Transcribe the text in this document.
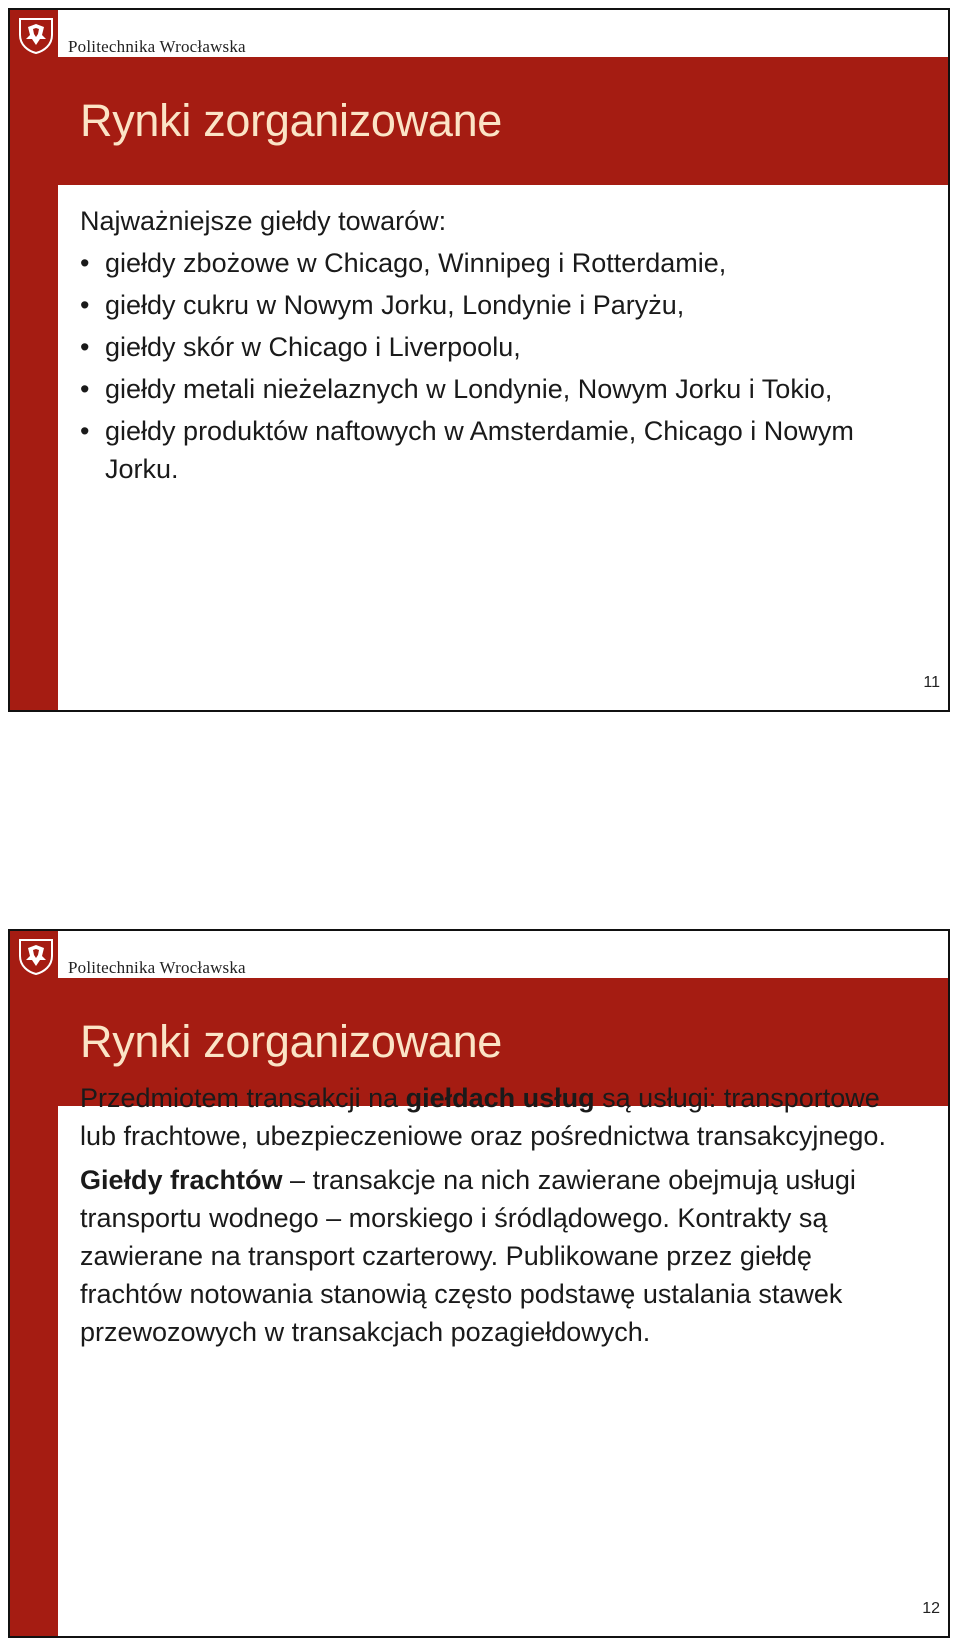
Politechnika Wrocławska
Rynki zorganizowane

Najważniejsze giełdy towarów:

• giełdy zbożowe w Chicago, Winnipeg i Rotterdamie,
• giełdy cukru w Nowym Jorku, Londynie i Paryżu,
• giełdy skór w Chicago i Liverpoolu,
• giełdy metali nieżelaznych w Londynie, Nowym Jorku i Tokio,
• giełdy produktów naftowych w Amsterdamie, Chicago i Nowym Jorku.
11
Politechnika Wrocławska
Rynki zorganizowane

Przedmiotem transakcji na giełdach usług są usługi: transportowe lub frachtowe, ubezpieczeniowe oraz pośrednictwa transakcyjnego.

Giełdy frachtów – transakcje na nich zawierane obejmują usługi transportu wodnego – morskiego i śródlądowego. Kontrakty są zawierane na transport czarterowy. Publikowane przez giełdę frachtów notowania stanowią często podstawę ustalania stawek przewozowych w transakcjach pozagiełdowych.

12
